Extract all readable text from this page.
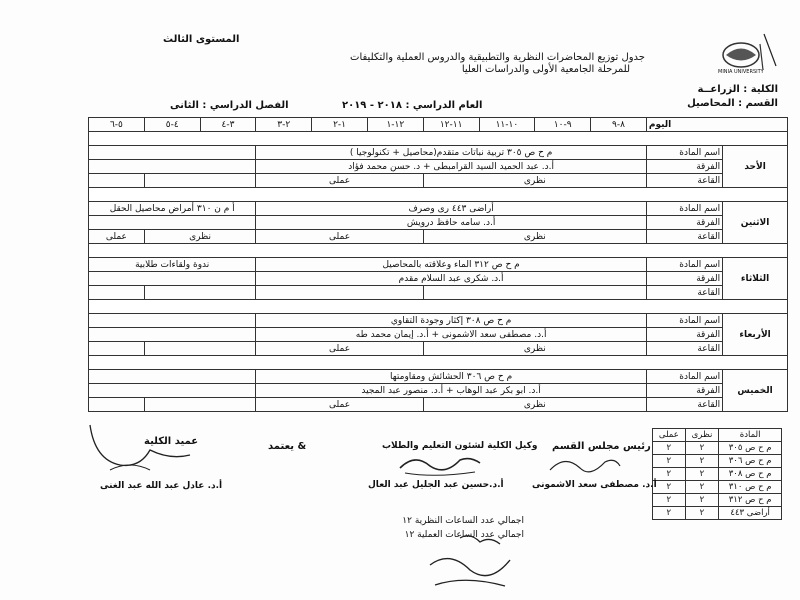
MINIA UNIVERSITY
المستوى الثالث
جدول توزيع المحاضرات النظرية والتطبيقية والدروس العملية والتكليفات
للمرحلة الجامعية الأولى والدراسات العليا
الكلية : الزراعــة
القسم : المحاصيل
العام الدراسي : ٢٠١٨ - ٢٠١٩
الفصل الدراسي : الثانى
اليوم		٨-٩	٩-١٠	١٠-١١	١١-١٢	١٢-١	١-٢	٢-٣	٣-٤	٤-٥	٥-٦

الأحد	اسم المادة	م ح ص ٣٠٥ تربية نباتات متقدم(محاصيل + تكنولوجيا )									
	الفرقة	أ.د. عبد الحميد السيد القرامبطى + د. حسن محمد فؤاد									
	القاعة	نظرى				عملى					

الاثنين	اسم المادة	أراضى ٤٤٣ رى وصرف							أ م ن ٣١٠ أمراض محاصيل الحقل		
	الفرقة	أ.د. سامه حافظ درويش									
	القاعة	نظرى				عملى			نظرى		عملى

الثلاثاء	اسم المادة	م ح ص ٣١٢ الماء وعلاقته بالمحاصيل							ندوة ولقاءات طلابية		
	الفرقة	أ.د. شكرى عبد السلام مقدم									
	القاعة										

الأربعاء	اسم المادة	م ح ص ٣٠٨ إكثار وجودة التقاوي									
	الفرقة	أ.د. مصطفى سعد الاشمونى + أ.د. إيمان محمد طه									
	القاعة	نظرى				عملى					

الخميس	اسم المادة	م ح ص ٣٠٦ الحشائش ومقاومتها									
	الفرقة	أ.د. ابو بكر عبد الوهاب + أ.د. منصور عبد المجيد									
	القاعة	نظرى				عملى					
المادة	نظرى	عملى
م ح ص ٣٠٥	٢	٢
م ح ص ٣٠٦	٢	٢
م ح ص ٣٠٨	٢	٢
م ح ص ٣١٠	٢	٢
م ح ص ٣١٢	٢	٢
أراضى ٤٤٣	٢	٢
اجمالي عدد الساعات النظرية ١٢
اجمالي عدد الساعات العملية ١٢
رئيس مجلس القسم
أ.د. مصطفى سعد الاشمونى
وكيل الكلية لشئون التعليم والطلاب
أ.د.حسين عبد الجليل عبد العال
يعتمد &
عميد الكلية
أ.د. عادل عبد الله عبد الغنى
